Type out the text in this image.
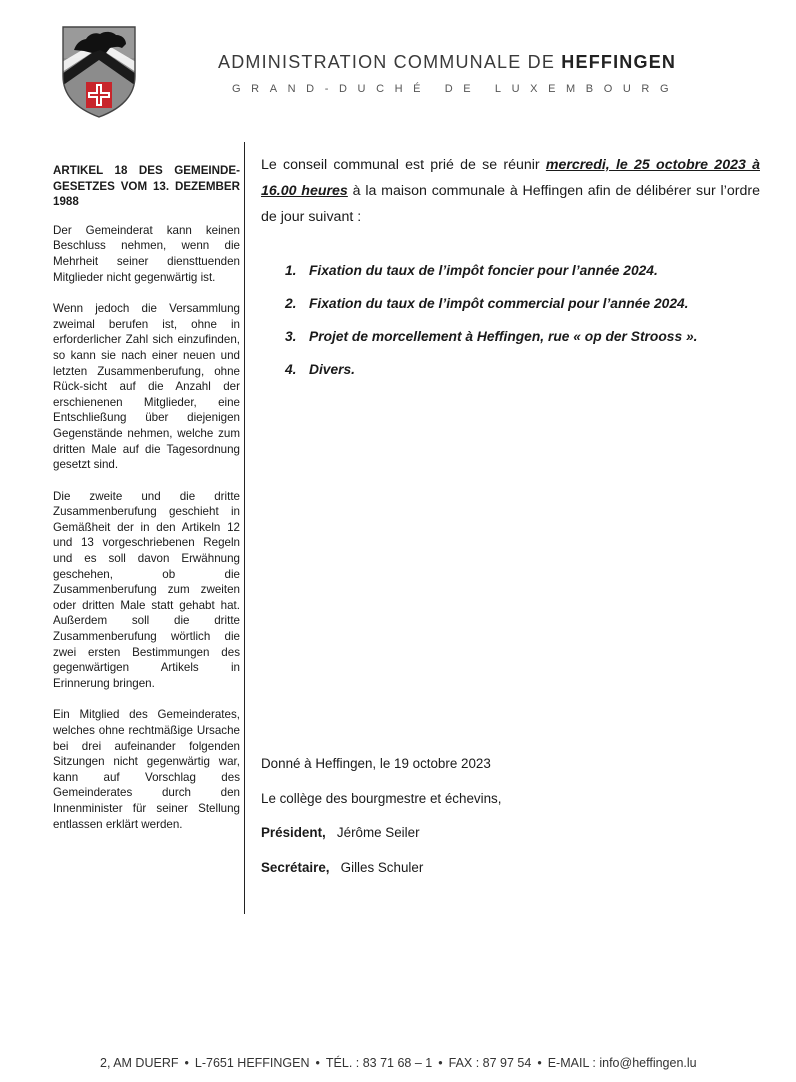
ADMINISTRATION COMMUNALE DE HEFFINGEN
GRAND-DUCHÉ DE LUXEMBOURG
ARTIKEL 18 DES GEMEINDE-GESETZES VOM 13. DEZEMBER 1988

Der Gemeinderat kann keinen Beschluss nehmen, wenn die Mehrheit seiner diensttuenden Mitglieder nicht gegenwärtig ist.

Wenn jedoch die Versammlung zweimal berufen ist, ohne in erforderlicher Zahl sich einzufinden, so kann sie nach einer neuen und letzten Zusammenberufung, ohne Rück-sicht auf die Anzahl der erschienenen Mitglieder, eine Entschließung über diejenigen Gegenstände nehmen, welche zum dritten Male auf die Tagesordnung gesetzt sind.

Die zweite und die dritte Zusammenberufung geschieht in Gemäßheit der in den Artikeln 12 und 13 vorgeschriebenen Regeln und es soll davon Erwähnung geschehen, ob die Zusammenberufung zum zweiten oder dritten Male statt gehabt hat. Außerdem soll die dritte Zusammenberufung wörtlich die zwei ersten Bestimmungen des gegenwärtigen Artikels in Erinnerung bringen.

Ein Mitglied des Gemeinderates, welches ohne rechtmäßige Ursache bei drei aufeinander folgenden Sitzungen nicht gegenwärtig war, kann auf Vorschlag des Gemeinderates durch den Innenminister für seiner Stellung entlassen erklärt werden.

Le conseil communal est prié de se réunir mercredi, le 25 octobre 2023 à 16.00 heures à la maison communale à Heffingen afin de délibérer sur l’ordre de jour suivant :
1. Fixation du taux de l’impôt foncier pour l’année 2024.
2. Fixation du taux de l’impôt commercial pour l’année 2024.
3. Projet de morcellement à Heffingen, rue « op der Strooss ».
4. Divers.
Donné à Heffingen, le 19 octobre 2023
Le collège des bourgmestre et échevins,
Président, Jérôme Seiler
Secrétaire, Gilles Schuler
2, AM DUERF • L-7651 HEFFINGEN • TÉL. : 83 71 68 – 1 • FAX : 87 97 54 • E-MAIL : info@heffingen.lu
